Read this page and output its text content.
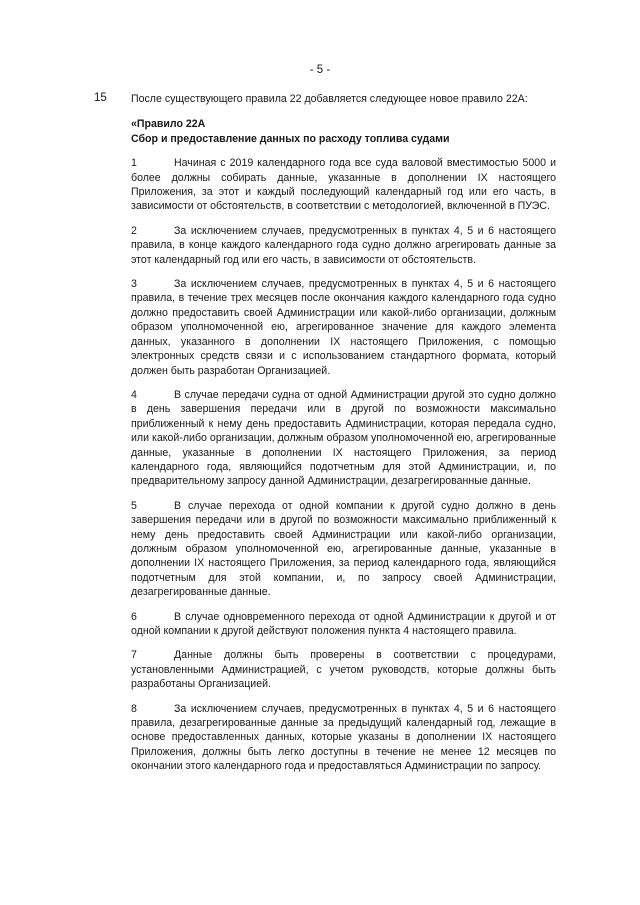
- 5 -
15 После существующего правила 22 добавляется следующее новое правило 22А:

«Правило 22А

Сбор и предоставление данных по расходу топлива судами

1	Начиная с 2019 календарного года все суда валовой вместимостью 5000 и более должны собирать данные, указанные в дополнении IX настоящего Приложения, за этот и каждый последующий календарный год или его часть, в зависимости от обстоятельств, в соответствии с методологией, включенной в ПУЭС.

2	За исключением случаев, предусмотренных в пунктах 4, 5 и 6 настоящего правила, в конце каждого календарного года судно должно агрегировать данные за этот календарный год или его часть, в зависимости от обстоятельств.

3	За исключением случаев, предусмотренных в пунктах 4, 5 и 6 настоящего правила, в течение трех месяцев после окончания каждого календарного года судно должно предоставить своей Администрации или какой-либо организации, должным образом уполномоченной ею, агрегированное значение для каждого элемента данных, указанного в дополнении IX настоящего Приложения, с помощью электронных средств связи и с использованием стандартного формата, который должен быть разработан Организацией.

4	В случае передачи судна от одной Администрации другой это судно должно в день завершения передачи или в другой по возможности максимально приближенный к нему день предоставить Администрации, которая передала судно, или какой-либо организации, должным образом уполномоченной ею, агрегированные данные, указанные в дополнении IX настоящего Приложения, за период календарного года, являющийся подотчетным для этой Администрации, и, по предварительному запросу данной Администрации, дезагрегированные данные.

5	В случае перехода от одной компании к другой судно должно в день завершения передачи или в другой по возможности максимально приближенный к нему день предоставить своей Администрации или какой-либо организации, должным образом уполномоченной ею, агрегированные данные, указанные в дополнении IX настоящего Приложения, за период календарного года, являющийся подотчетным для этой компании, и, по запросу своей Администрации, дезагрегированные данные.

6	В случае одновременного перехода от одной Администрации к другой и от одной компании к другой действуют положения пункта 4 настоящего правила.

7	Данные должны быть проверены в соответствии с процедурами, установленными Администрацией, с учетом руководств, которые должны быть разработаны Организацией.

8	За исключением случаев, предусмотренных в пунктах 4, 5 и 6 настоящего правила, дезагрегированные данные за предыдущий календарный год, лежащие в основе предоставленных данных, которые указаны в дополнении IX настоящего Приложения, должны быть легко доступны в течение не менее 12 месяцев по окончании этого календарного года и предоставляться Администрации по запросу.
